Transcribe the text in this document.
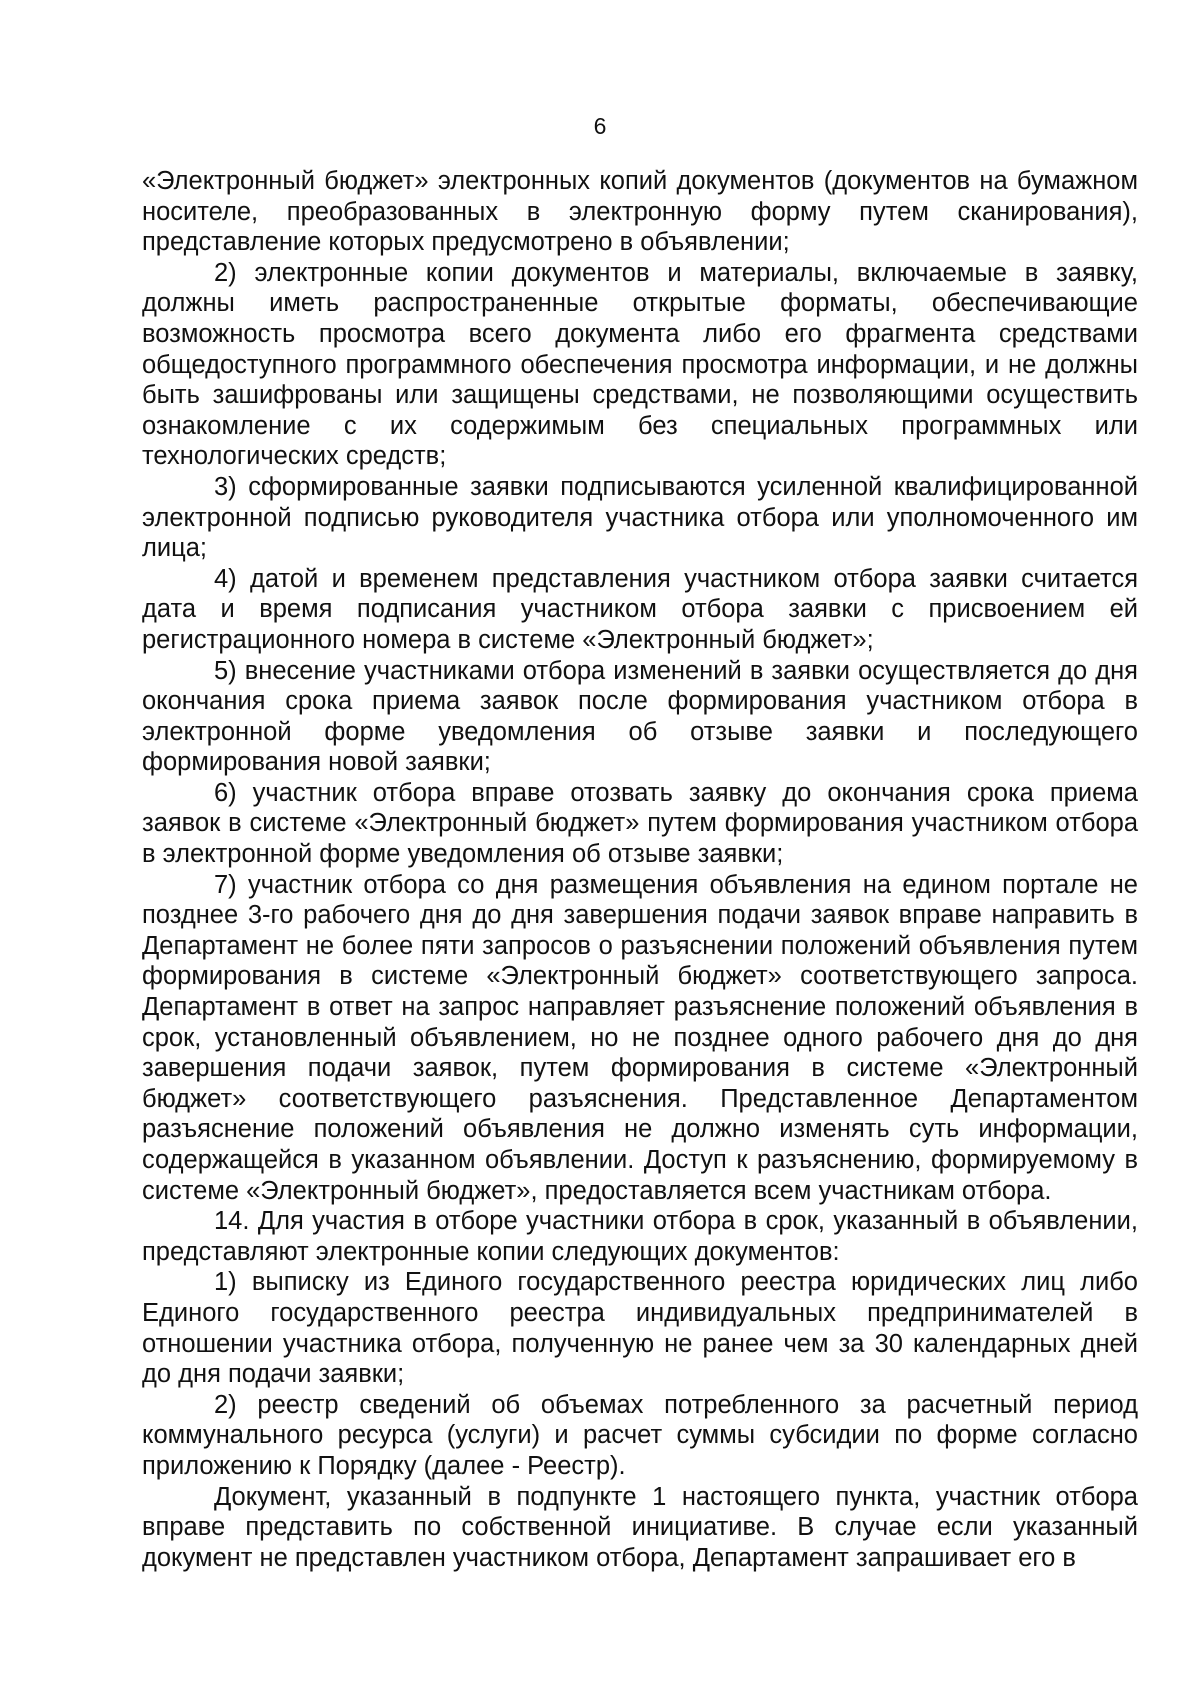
6

«Электронный бюджет» электронных копий документов (документов на бумажном носителе, преобразованных в электронную форму путем сканирования), представление которых предусмотрено в объявлении;

2) электронные копии документов и материалы, включаемые в заявку, должны иметь распространенные открытые форматы, обеспечивающие возможность просмотра всего документа либо его фрагмента средствами общедоступного программного обеспечения просмотра информации, и не должны быть зашифрованы или защищены средствами, не позволяющими осуществить ознакомление с их содержимым без специальных программных или технологических средств;

3) сформированные заявки подписываются усиленной квалифицированной электронной подписью руководителя участника отбора или уполномоченного им лица;

4) датой и временем представления участником отбора заявки считается дата и время подписания участником отбора заявки с присвоением ей регистрационного номера в системе «Электронный бюджет»;

5) внесение участниками отбора изменений в заявки осуществляется до дня окончания срока приема заявок после формирования участником отбора в электронной форме уведомления об отзыве заявки и последующего формирования новой заявки;

6) участник отбора вправе отозвать заявку до окончания срока приема заявок в системе «Электронный бюджет» путем формирования участником отбора в электронной форме уведомления об отзыве заявки;

7) участник отбора со дня размещения объявления на едином портале не позднее 3-го рабочего дня до дня завершения подачи заявок вправе направить в Департамент не более пяти запросов о разъяснении положений объявления путем формирования в системе «Электронный бюджет» соответствующего запроса. Департамент в ответ на запрос направляет разъяснение положений объявления в срок, установленный объявлением, но не позднее одного рабочего дня до дня завершения подачи заявок, путем формирования в системе «Электронный бюджет» соответствующего разъяснения. Представленное Департаментом разъяснение положений объявления не должно изменять суть информации, содержащейся в указанном объявлении. Доступ к разъяснению, формируемому в системе «Электронный бюджет», предоставляется всем участникам отбора.

14. Для участия в отборе участники отбора в срок, указанный в объявлении, представляют электронные копии следующих документов:

1) выписку из Единого государственного реестра юридических лиц либо Единого государственного реестра индивидуальных предпринимателей в отношении участника отбора, полученную не ранее чем за 30 календарных дней до дня подачи заявки;

2) реестр сведений об объемах потребленного за расчетный период коммунального ресурса (услуги) и расчет суммы субсидии по форме согласно приложению к Порядку (далее - Реестр).

Документ, указанный в подпункте 1 настоящего пункта, участник отбора вправе представить по собственной инициативе. В случае если указанный документ не представлен участником отбора, Департамент запрашивает его в
